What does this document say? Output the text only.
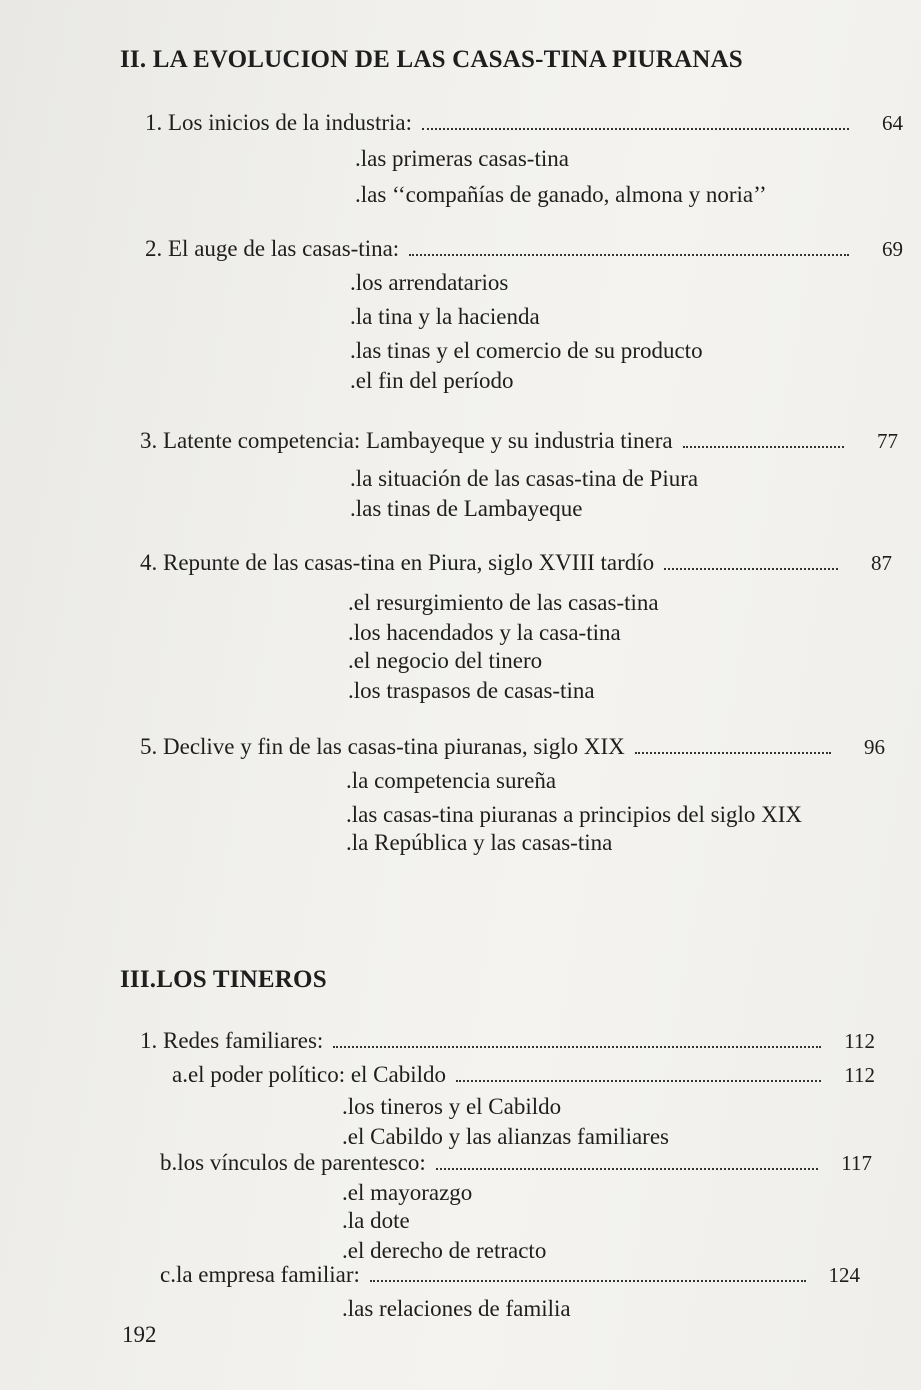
II. LA EVOLUCION DE LAS CASAS-TINA PIURANAS
1. Los inicios de la industria:	64
.las primeras casas-tina
.las ‘‘compañías de ganado, almona y noria’’
2. El auge de las casas-tina:	69
.los arrendatarios
.la tina y la hacienda
.las tinas y el comercio de su producto
.el fin del período
3. Latente competencia: Lambayeque y su industria tinera	77
.la situación de las casas-tina de Piura
.las tinas de Lambayeque
4. Repunte de las casas-tina en Piura, siglo XVIII tardío	87
.el resurgimiento de las casas-tina
.los hacendados y la casa-tina
.el negocio del tinero
.los traspasos de casas-tina
5. Declive y fin de las casas-tina piuranas, siglo XIX	96
.la competencia sureña
.las casas-tina piuranas a principios del siglo XIX
.la República y las casas-tina
III.LOS TINEROS
1. Redes familiares:	112
a.el poder político: el Cabildo	112
.los tineros y el Cabildo
.el Cabildo y las alianzas familiares
b.los vínculos de parentesco:	117
.el mayorazgo
.la dote
.el derecho de retracto
c.la empresa familiar:	124
.las relaciones de familia
192
